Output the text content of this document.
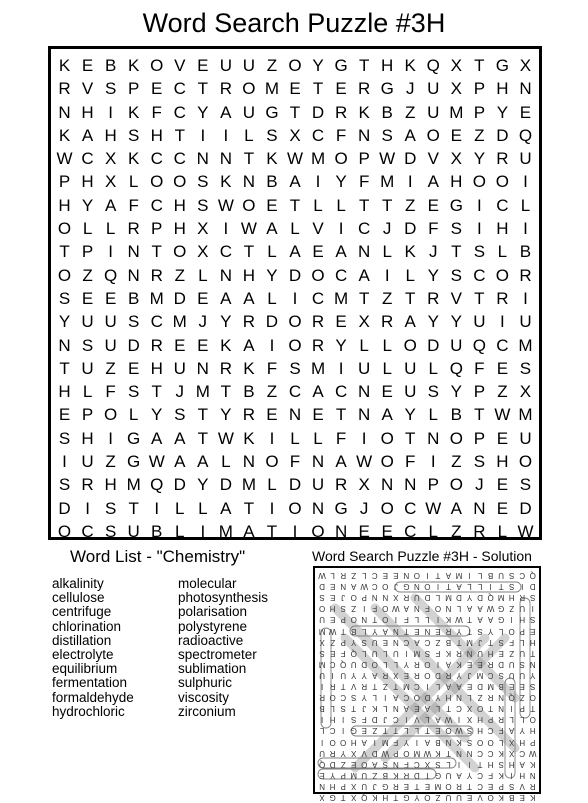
Word Search Puzzle #3H
K E B K O V E U U Z O Y G T H K Q X T G X
R V S P E C T R O M E T E R G J U X P H N
N H I K F C Y A U G T D R K B Z U M P Y E
K A H S H T I	I L S X C F N S A O E Z D Q
W C X K C C N N T K W M O P W D V X Y R U
P H X L O O S K N B A I Y F M I A H O O I
H Y A F C H S W O E T L L T T Z E G I C L
O L L R P H X I W A L V I C J D F S I H I
T P I N T O X C T L A E A N L K J T S L B
O Z Q N R Z L N H Y D O C A I L Y S C O R
S E E B M D E A A L I C M T Z T R V T R I
Y U U S C M J Y R D O R E X R A Y Y U I U
N S U D R E E K A I O R Y L L O D U Q C M
T U Z E H U N R K F S M I U L U L Q F E S
H L F S T J M T B Z C A C N E U S Y P Z X
E P O L Y S T Y R E N E T N A Y L B T W M
S H I G A A T W K I L L F I O T N O P E U
I U Z G W A A L N O F N A W O F I Z S H O
S R H M Q D Y D M L D U R X N N P O J E S
D I S T I L L A T I O N G J O C W A N E D
Q C S U B L I M A T I O N E E C L Z R L W
Word List - "Chemistry"
alkalinity
cellulose
centrifuge
chlorination
distillation
electrolyte
equilibrium
fermentation
formaldehyde
hydrochloric
molecular
photosynthesis
polarisation
polystyrene
radioactive
spectrometer
sublimation
sulphuric
viscosity
zirconium
Word Search Puzzle #3H - Solution
K
E
B
K
O
V
E
U
U
Z
O
Y
G
T
H
K
Q
X
T
G
X
R
V
S
P
E
C
T
R
O
M
E
T
E
R
G
J
U
X
P
H
N
N
H
I
K
F
C
Y
A
U
G
T
D
R
K
B
Z
U
M
P
Y
E
K
A
H
S
H
T
I
I
L
S
X
C
F
N
S
A
O
E
Z
D
Q
W
C
X
K
C
C
N
N
T
K
W
M
O
P
W
D
V
X
Y
R
U
P
H
X
L
O
O
S
K
N
B
A
I
Y
F
M
I
A
H
O
O
I
H
Y
A
F
C
H
S
W
O
E
T
L
L
T
T
Z
E
G
I
C
L
O
L
L
R
P
H
X
I
W
A
L
V
I
C
J
D
F
S
I
H
I
T
P
I
N
T
O
X
C
T
L
A
E
A
N
L
K
J
T
S
L
B
O
Z
Q
N
R
Z
L
N
H
Y
D
O
C
A
I
L
Y
S
C
O
R
S
E
E
B
M
D
E
A
A
L
I
C
M
T
Z
T
R
V
T
R
I
Y
U
U
S
C
M
J
Y
R
D
O
R
E
X
R
A
Y
Y
U
I
U
N
S
U
D
R
E
E
K
A
I
O
R
Y
L
L
O
D
U
Q
C
M
T
U
Z
E
H
U
N
R
K
F
S
M
I
U
L
U
L
Q
F
E
S
H
L
F
S
T
J
M
T
B
Z
C
A
C
N
E
U
S
Y
P
Z
X
E
P
O
L
Y
S
T
Y
R
E
N
E
T
N
A
Y
L
B
T
W
M
S
H
I
G
A
A
T
W
K
I
L
L
F
I
O
T
N
O
P
E
U
I
U
Z
G
W
A
A
L
N
O
F
N
A
W
O
F
I
Z
S
H
O
S
R
H
M
Q
D
Y
D
M
L
D
U
R
X
N
N
P
O
J
E
S
D
I
S
T
I
L
L
A
T
I
O
N
G
J
O
C
W
A
N
E
D
Q
C
S
U
B
L
I
M
A
T
I
O
N
E
E
C
L
Z
R
L
W
